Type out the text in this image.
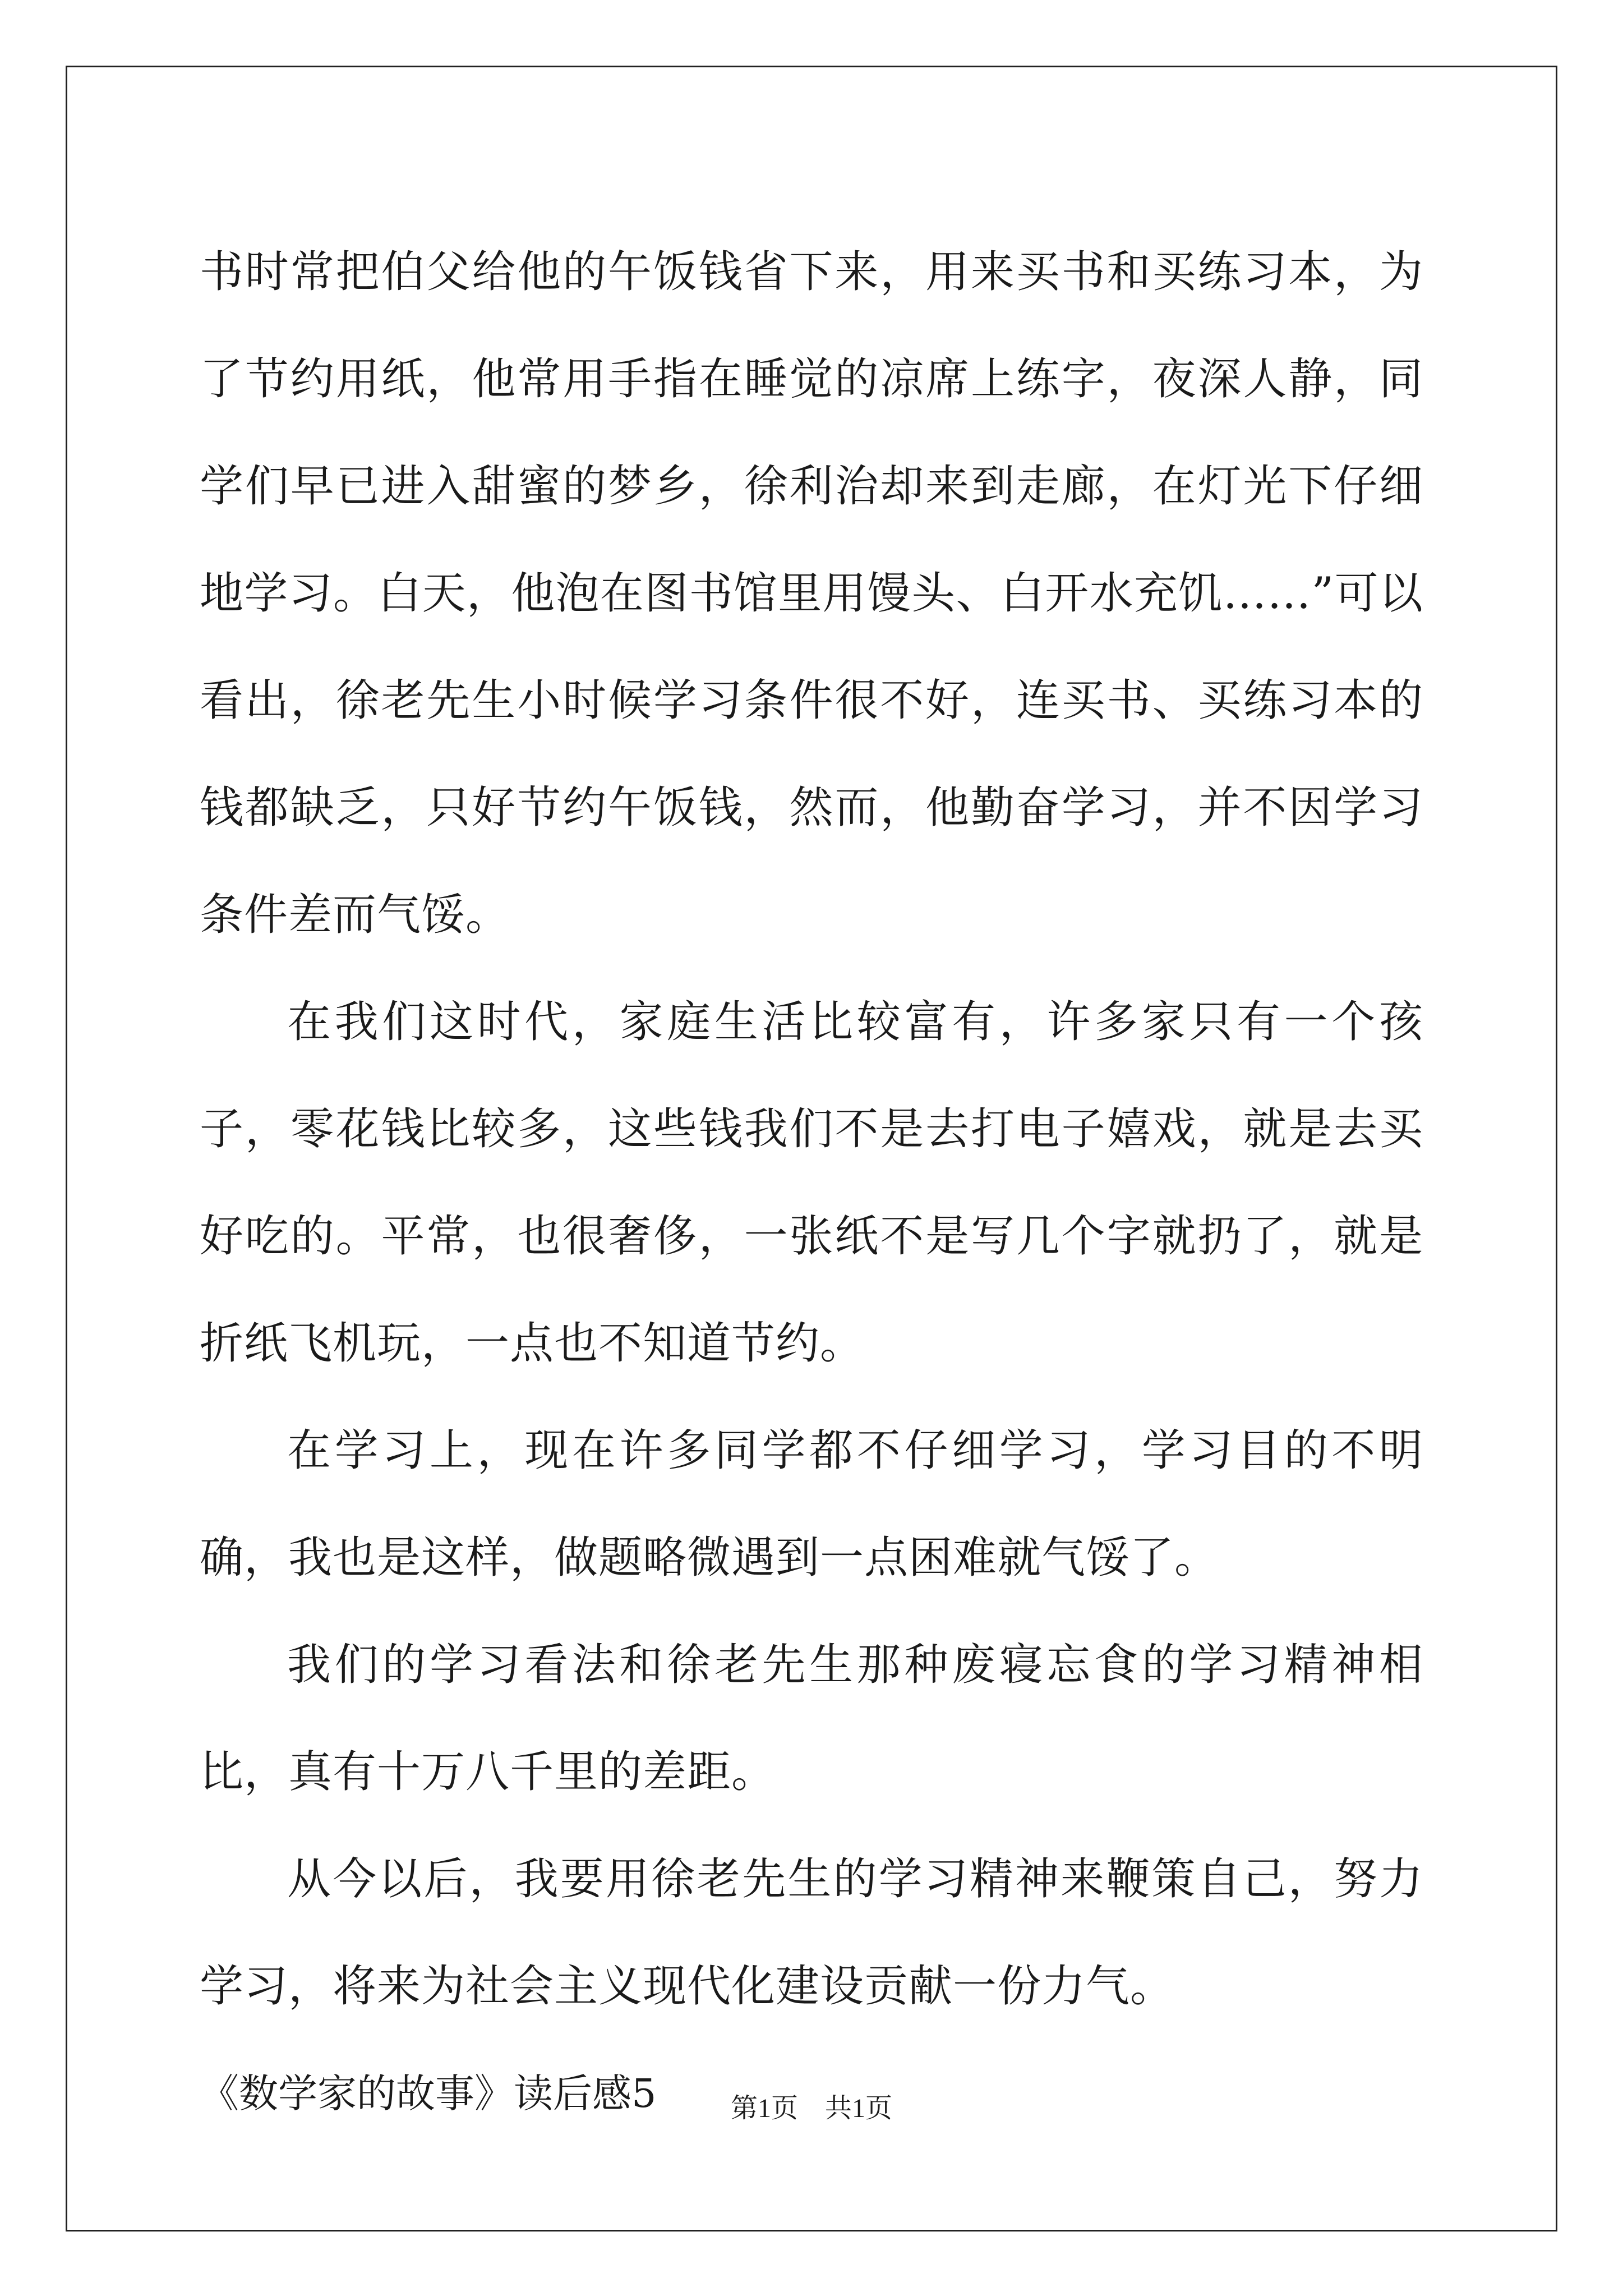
书时常把伯父给他的午饭钱省下来，用来买书和买练习本，为了节约用纸，他常用手指在睡觉的凉席上练字，夜深人静，同学们早已进入甜蜜的梦乡，徐利治却来到走廊，在灯光下仔细地学习。白天，他泡在图书馆里用馒头、白开水充饥……”可以看出，徐老先生小时候学习条件很不好，连买书、买练习本的钱都缺乏，只好节约午饭钱，然而，他勤奋学习，并不因学习条件差而气馁。

在我们这时代，家庭生活比较富有，许多家只有一个孩子，零花钱比较多，这些钱我们不是去打电子嬉戏，就是去买好吃的。平常，也很奢侈，一张纸不是写几个字就扔了，就是折纸飞机玩，一点也不知道节约。

在学习上，现在许多同学都不仔细学习，学习目的不明确，我也是这样，做题略微遇到一点困难就气馁了。

我们的学习看法和徐老先生那种废寝忘食的学习精神相比，真有十万八千里的差距。

从今以后，我要用徐老先生的学习精神来鞭策自己，努力学习，将来为社会主义现代化建设贡献一份力气。

《数学家的故事》读后感5	第1页　共1页
